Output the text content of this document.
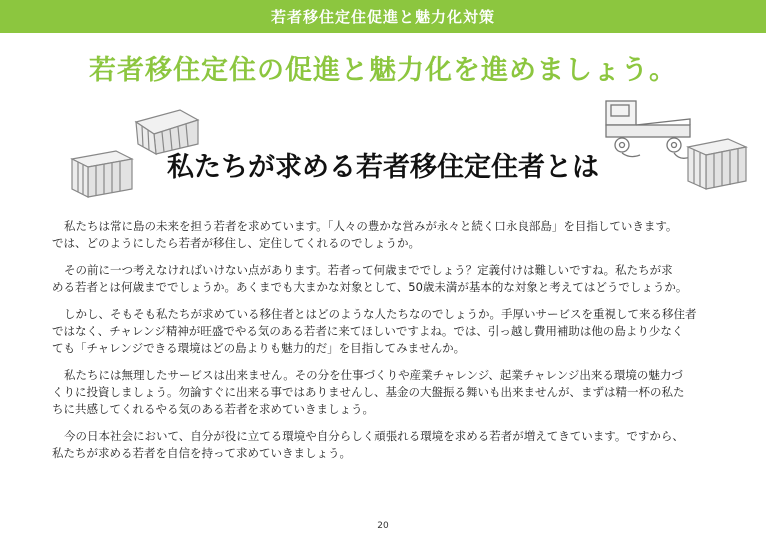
若者移住定住促進と魅力化対策
若者移住定住の促進と魅力化を進めましょう。
私たちが求める若者移住定住者とは

私たちは常に島の未来を担う若者を求めています。「人々の豊かな営みが永々と続く口永良部島」を目指していきます。
では、どのようにしたら若者が移住し、定住してくれるのでしょうか。

その前に一つ考えなければいけない点があります。若者って何歳まででしょう？定義付けは難しいですね。私たちが求
める若者とは何歳まででしょうか。あくまでも大まかな対象として、50歳未満が基本的な対象と考えてはどうでしょうか。

しかし、そもそも私たちが求めている移住者とはどのような人たちなのでしょうか。手厚いサービスを重視して来る移住者
ではなく、チャレンジ精神が旺盛でやる気のある若者に来てほしいですよね。では、引っ越し費用補助は他の島より少なく
ても「チャレンジできる環境はどの島よりも魅力的だ」を目指してみませんか。

私たちには無理したサービスは出来ません。その分を仕事づくりや産業チャレンジ、起業チャレンジ出来る環境の魅力づ
くりに投資しましょう。勿論すぐに出来る事ではありませんし、基金の大盤振る舞いも出来ませんが、まずは精一杯の私た
ちに共感してくれるやる気のある若者を求めていきましょう。

今の日本社会において、自分が役に立てる環境や自分らしく頑張れる環境を求める若者が増えてきています。ですから、
私たちが求める若者を自信を持って求めていきましょう。

20
